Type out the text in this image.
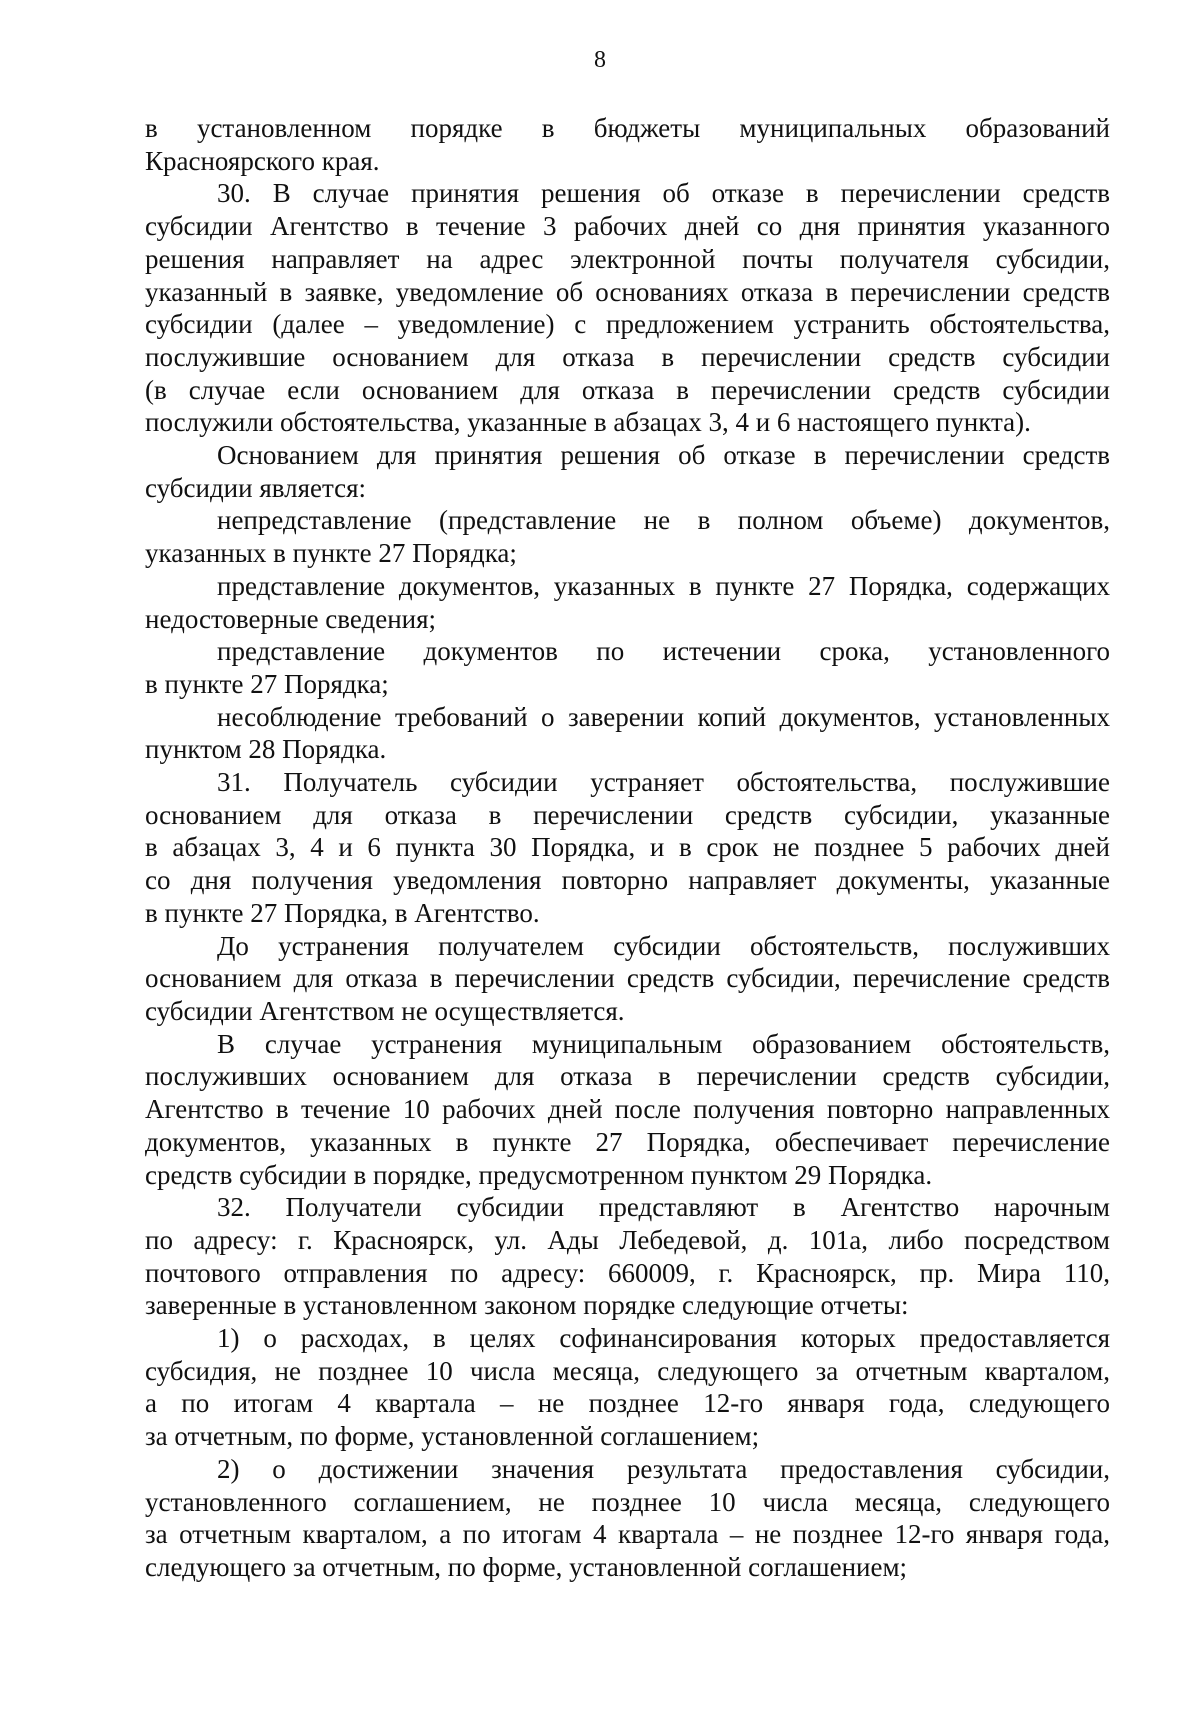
8
в установленном порядке в бюджеты муниципальных образований
Красноярского края.
30. В случае принятия решения об отказе в перечислении средств
субсидии Агентство в течение 3 рабочих дней со дня принятия указанного
решения направляет на адрес электронной почты получателя субсидии,
указанный в заявке, уведомление об основаниях отказа в перечислении средств
субсидии (далее – уведомление) с предложением устранить обстоятельства,
послужившие основанием для отказа в перечислении средств субсидии
(в случае если основанием для отказа в перечислении средств субсидии
послужили обстоятельства, указанные в абзацах 3, 4 и 6 настоящего пункта).
Основанием для принятия решения об отказе в перечислении средств
субсидии является:
непредставление (представление не в полном объеме) документов,
указанных в пункте 27 Порядка;
представление документов, указанных в пункте 27 Порядка, содержащих
недостоверные сведения;
представление документов по истечении срока, установленного
в пункте 27 Порядка;
несоблюдение требований о заверении копий документов, установленных
пунктом 28 Порядка.
31. Получатель субсидии устраняет обстоятельства, послужившие
основанием для отказа в перечислении средств субсидии, указанные
в абзацах 3, 4 и 6 пункта 30 Порядка, и в срок не позднее 5 рабочих дней
со дня получения уведомления повторно направляет документы, указанные
в пункте 27 Порядка, в Агентство.
До устранения получателем субсидии обстоятельств, послуживших
основанием для отказа в перечислении средств субсидии, перечисление средств
субсидии Агентством не осуществляется.
В случае устранения муниципальным образованием обстоятельств,
послуживших основанием для отказа в перечислении средств субсидии,
Агентство в течение 10 рабочих дней после получения повторно направленных
документов, указанных в пункте 27 Порядка, обеспечивает перечисление
средств субсидии в порядке, предусмотренном пунктом 29 Порядка.
32. Получатели субсидии представляют в Агентство нарочным
по адресу: г. Красноярск, ул. Ады Лебедевой, д. 101а, либо посредством
почтового отправления по адресу: 660009, г. Красноярск, пр. Мира 110,
заверенные в установленном законом порядке следующие отчеты:
1) о расходах, в целях софинансирования которых предоставляется
субсидия, не позднее 10 числа месяца, следующего за отчетным кварталом,
а по итогам 4 квартала – не позднее 12-го января года, следующего
за отчетным, по форме, установленной соглашением;
2) о достижении значения результата предоставления субсидии,
установленного соглашением, не позднее 10 числа месяца, следующего
за отчетным кварталом, а по итогам 4 квартала – не позднее 12-го января года,
следующего за отчетным, по форме, установленной соглашением;
